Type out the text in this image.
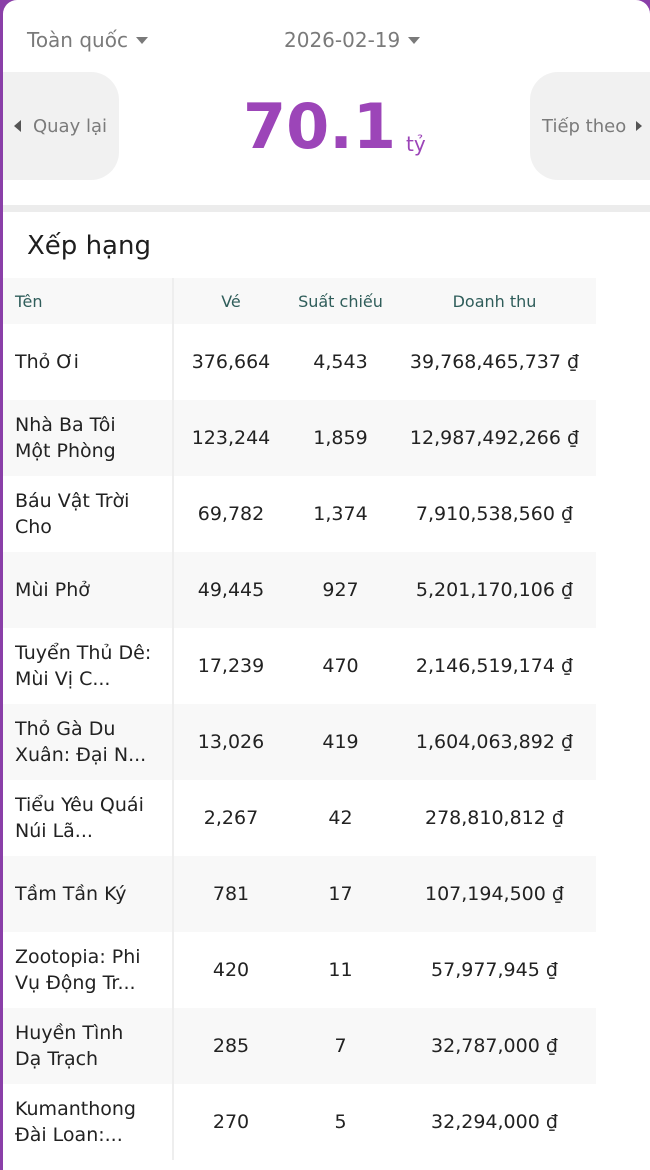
Toàn quốc	2026-02-19
Quay lại 70.1 tỷ
Tiếp theo
Xếp hạng
Tên	Vé	Suất chiếu	Doanh thu

Thỏ Ơi	376,664	4,543	39,768,465,737 ₫

Nhà Ba Tôi Một Phòng	123,244	1,859	12,987,492,266 ₫

Báu Vật Trời Cho	69,782	1,374	7,910,538,560 ₫

Mùi Phở	49,445	927	5,201,170,106 ₫

Tuyển Thủ Dê: Mùi Vị C...	17,239	470	2,146,519,174 ₫

Thỏ Gà Du Xuân: Đại N...	13,026	419	1,604,063,892 ₫

Tiểu Yêu Quái Núi Lã...	2,267	42	278,810,812 ₫

Tầm Tần Ký	781	17	107,194,500 ₫

Zootopia: Phi Vụ Động Tr...	420	11	57,977,945 ₫

Huyền Tình Dạ Trạch	285	7	32,787,000 ₫

Kumanthong Đài Loan:...	270	5	32,294,000 ₫
